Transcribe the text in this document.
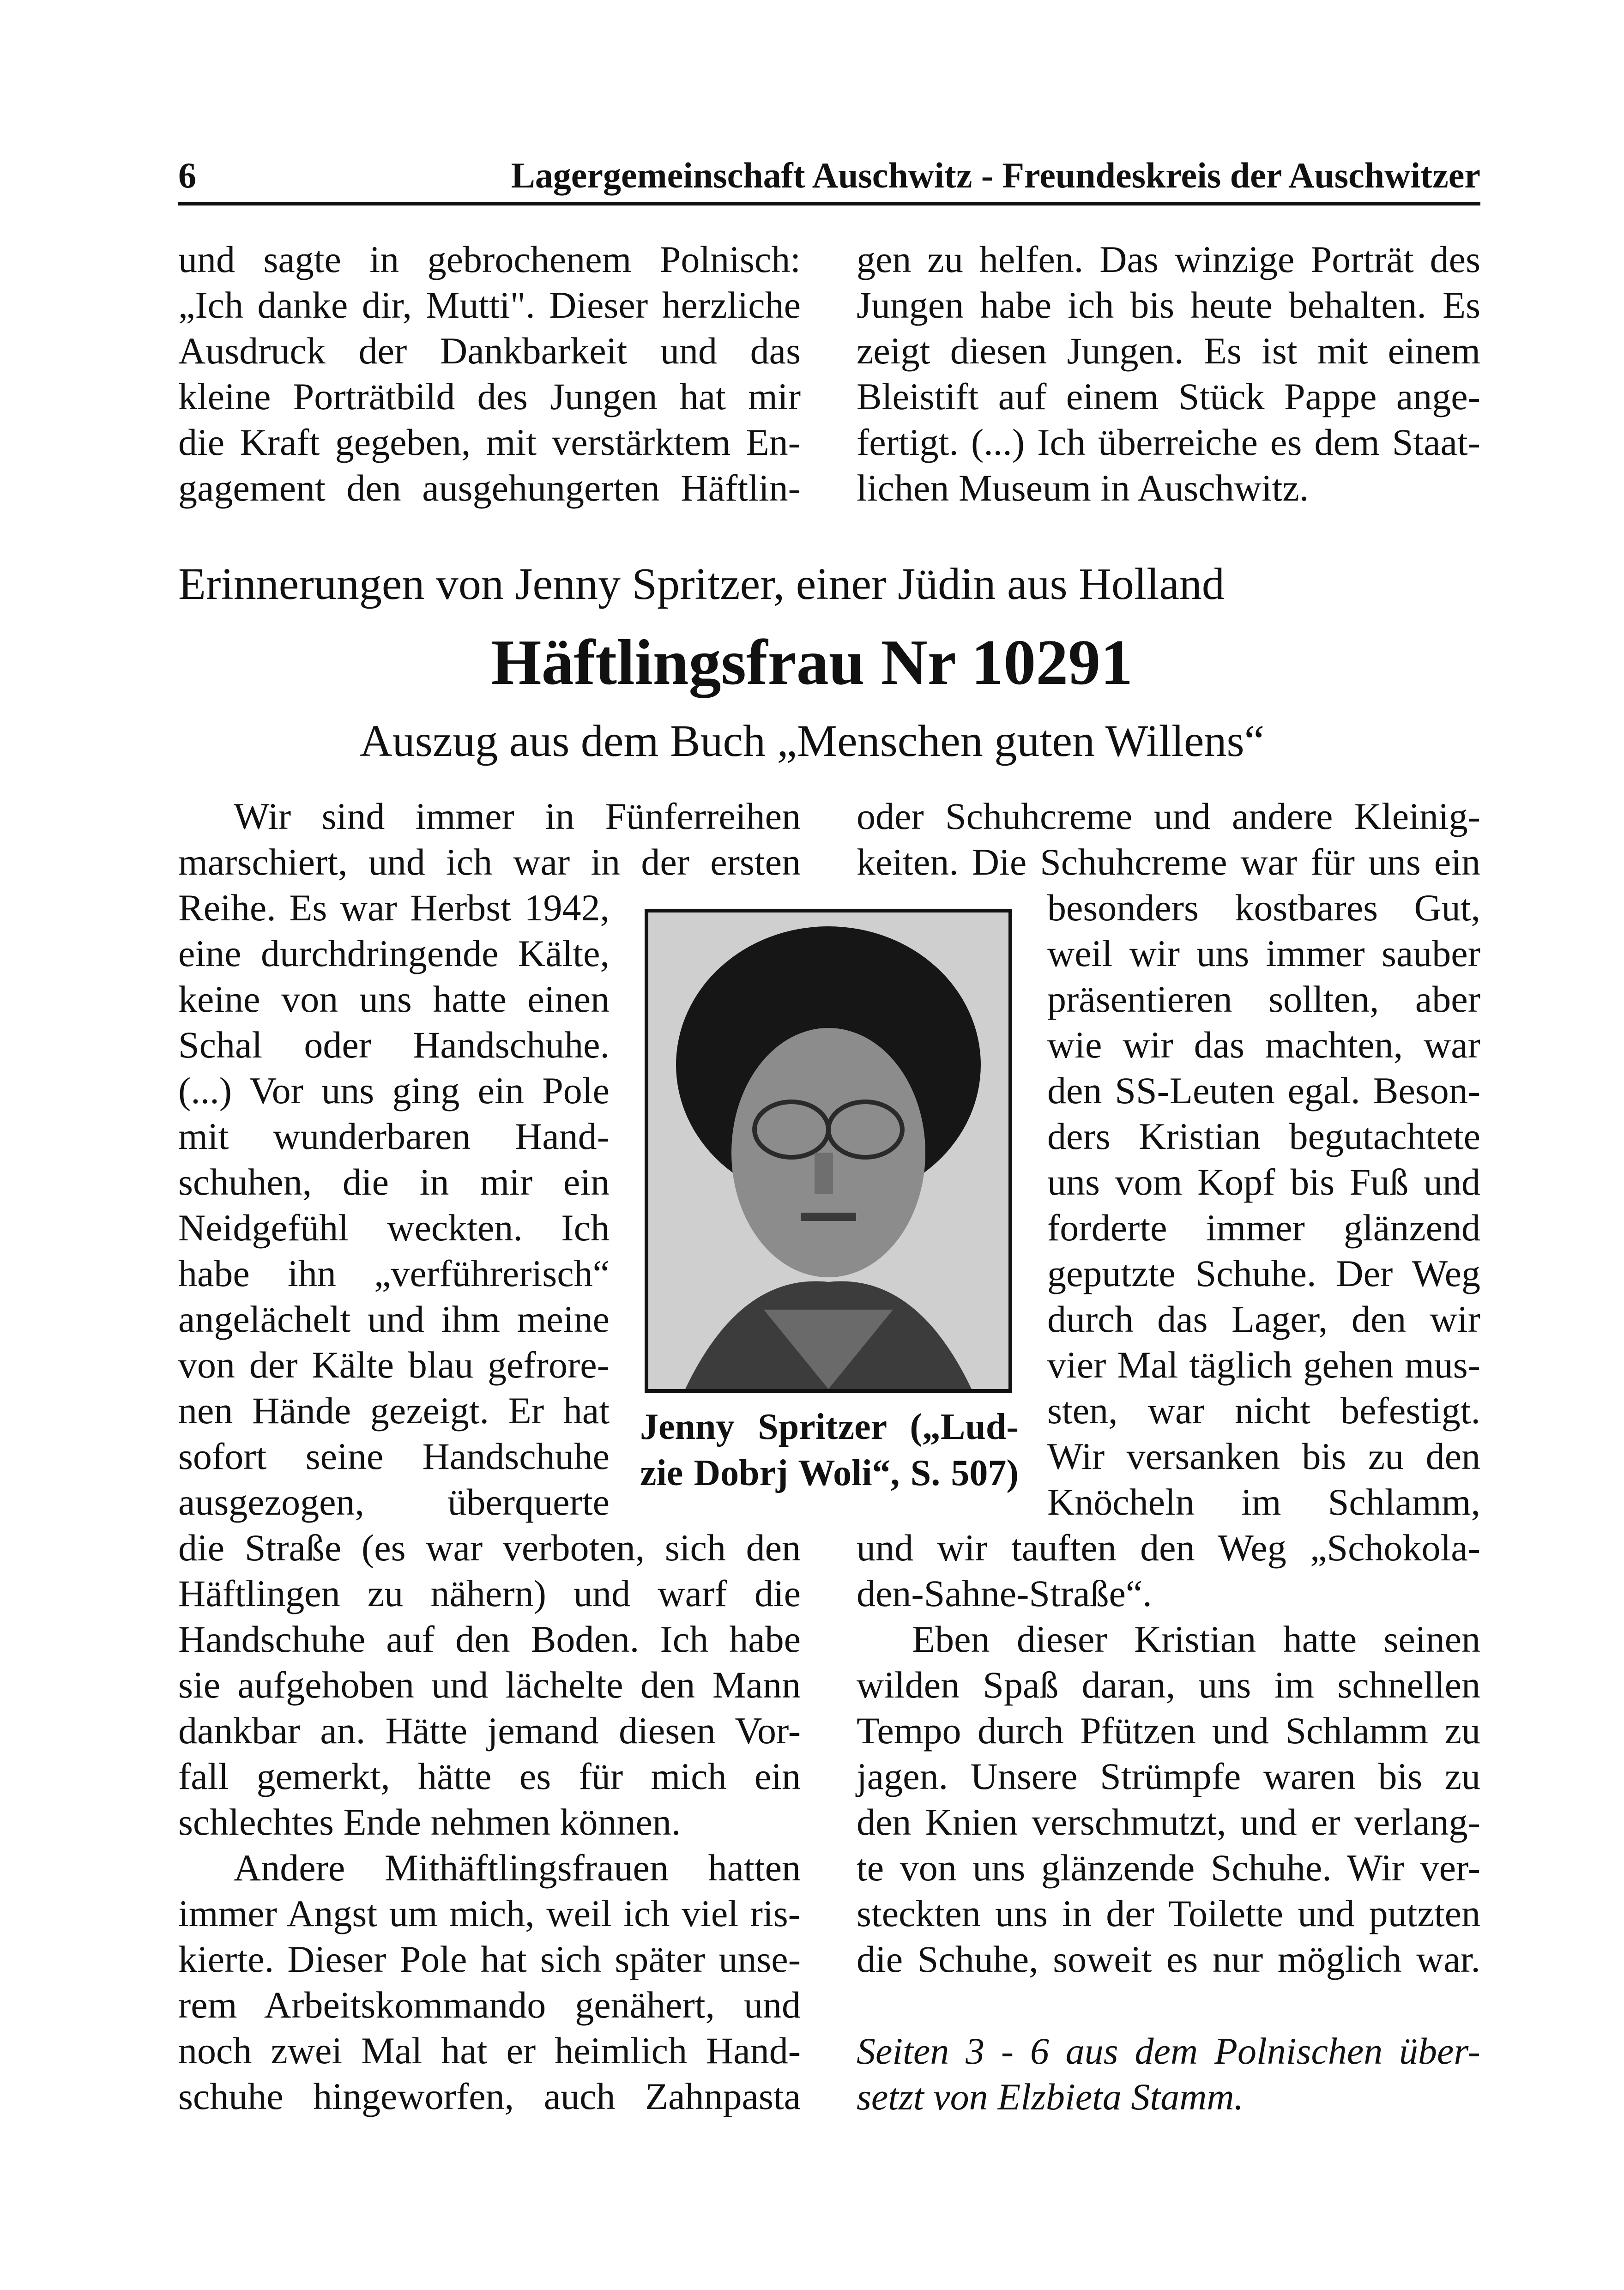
6	Lagergemeinschaft Auschwitz - Freundeskreis der Auschwitzer
und sagte in gebrochenem Polnisch:
„Ich danke dir, Mutti". Dieser herzliche
Ausdruck der Dankbarkeit und das
kleine Porträtbild des Jungen hat mir
die Kraft gegeben, mit verstärktem En-
gagement den ausgehungerten Häftlin-
gen zu helfen. Das winzige Porträt des
Jungen habe ich bis heute behalten. Es
zeigt diesen Jungen. Es ist mit einem
Bleistift auf einem Stück Pappe ange-
fertigt. (...) Ich überreiche es dem Staat-
lichen Museum in Auschwitz.
Erinnerungen von Jenny Spritzer, einer Jüdin aus Holland
Häftlingsfrau Nr 10291
Auszug aus dem Buch „Menschen guten Willens“
Wir sind immer in Fünferreihen
marschiert, und ich war in der ersten
Reihe. Es war Herbst 1942,
eine durchdringende Kälte,
keine von uns hatte einen
Schal oder Handschuhe.
(...) Vor uns ging ein Pole
mit wunderbaren Hand-
schuhen, die in mir ein
Neidgefühl weckten. Ich
habe ihn „verführerisch“
angelächelt und ihm meine
von der Kälte blau gefrore-
nen Hände gezeigt. Er hat
sofort seine Handschuhe
ausgezogen, überquerte
die Straße (es war verboten, sich den
Häftlingen zu nähern) und warf die
Handschuhe auf den Boden. Ich habe
sie aufgehoben und lächelte den Mann
dankbar an. Hätte jemand diesen Vor-
fall gemerkt, hätte es für mich ein
schlechtes Ende nehmen können.
Andere Mithäftlingsfrauen hatten
immer Angst um mich, weil ich viel ris-
kierte. Dieser Pole hat sich später unse-
rem Arbeitskommando genähert, und
noch zwei Mal hat er heimlich Hand-
schuhe hingeworfen, auch Zahnpasta
Jenny Spritzer („Lud-
zie Dobrj Woli“, S. 507)
oder Schuhcreme und andere Kleinig-
keiten. Die Schuhcreme war für uns ein
besonders kostbares Gut,
weil wir uns immer sauber
präsentieren sollten, aber
wie wir das machten, war
den SS-Leuten egal. Beson-
ders Kristian begutachtete
uns vom Kopf bis Fuß und
forderte immer glänzend
geputzte Schuhe. Der Weg
durch das Lager, den wir
vier Mal täglich gehen mus-
sten, war nicht befestigt.
Wir versanken bis zu den
Knöcheln im Schlamm,
und wir tauften den Weg „Schokola-
den-Sahne-Straße“.
Eben dieser Kristian hatte seinen
wilden Spaß daran, uns im schnellen
Tempo durch Pfützen und Schlamm zu
jagen. Unsere Strümpfe waren bis zu
den Knien verschmutzt, und er verlang-
te von uns glänzende Schuhe. Wir ver-
steckten uns in der Toilette und putzten
die Schuhe, soweit es nur möglich war.
Seiten 3 - 6 aus dem Polnischen über-
setzt von Elzbieta Stamm.
